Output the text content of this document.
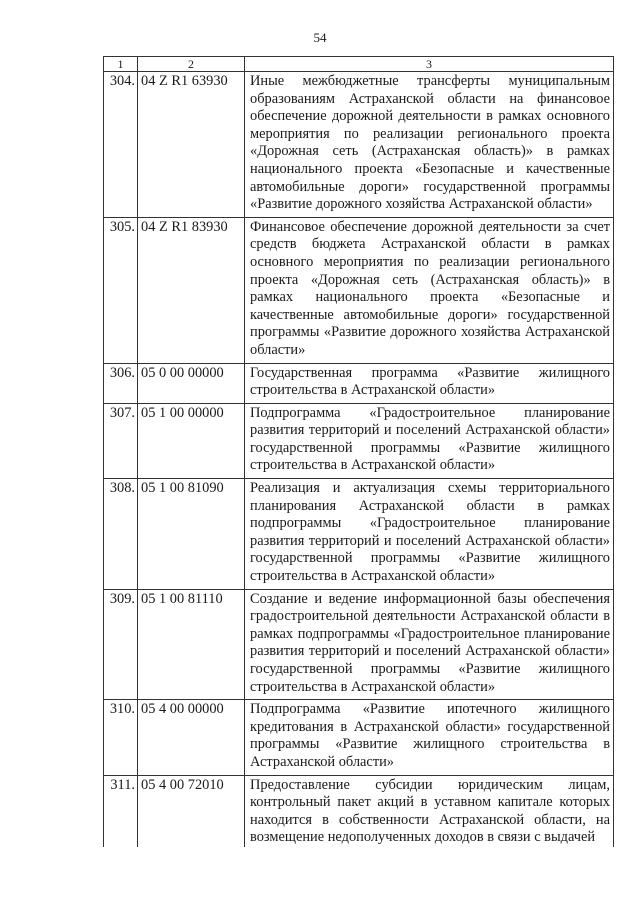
54
1	2	3
304.	04 Z R1 63930	Иные межбюджетные трансферты муниципальным образованиям Астраханской области на финансовое обеспечение дорожной деятельности в рамках основного мероприятия по реализации регионального проекта «Дорожная сеть (Астраханская область)» в рамках национального проекта «Безопасные и качественные автомобильные дороги» государственной программы «Развитие дорожного хозяйства Астраханской области»
305.	04 Z R1 83930	Финансовое обеспечение дорожной деятельности за счет средств бюджета Астраханской области в рамках основного мероприятия по реализации регионального проекта «Дорожная сеть (Астраханская область)» в рамках национального проекта «Безопасные и качественные автомобильные дороги» государственной программы «Развитие дорожного хозяйства Астраханской области»
306.	05 0 00 00000	Государственная программа «Развитие жилищного строительства в Астраханской области»
307.	05 1 00 00000	Подпрограмма «Градостроительное планирование развития территорий и поселений Астраханской области» государственной программы «Развитие жилищного строительства в Астраханской области»
308.	05 1 00 81090	Реализация и актуализация схемы территориального планирования Астраханской области в рамках подпрограммы «Градостроительное планирование развития территорий и поселений Астраханской области» государственной программы «Развитие жилищного строительства в Астраханской области»
309.	05 1 00 81110	Создание и ведение информационной базы обеспечения градостроительной деятельности Астраханской области в рамках подпрограммы «Градостроительное планирование развития территорий и поселений Астраханской области» государственной программы «Развитие жилищного строительства в Астраханской области»
310.	05 4 00 00000	Подпрограмма «Развитие ипотечного жилищного кредитования в Астраханской области» государственной программы «Развитие жилищного строительства в Астраханской области»
311.	05 4 00 72010	Предоставление субсидии юридическим лицам, контрольный пакет акций в уставном капитале которых находится в собственности Астраханской области, на возмещение недополученных доходов в связи с выдачей
